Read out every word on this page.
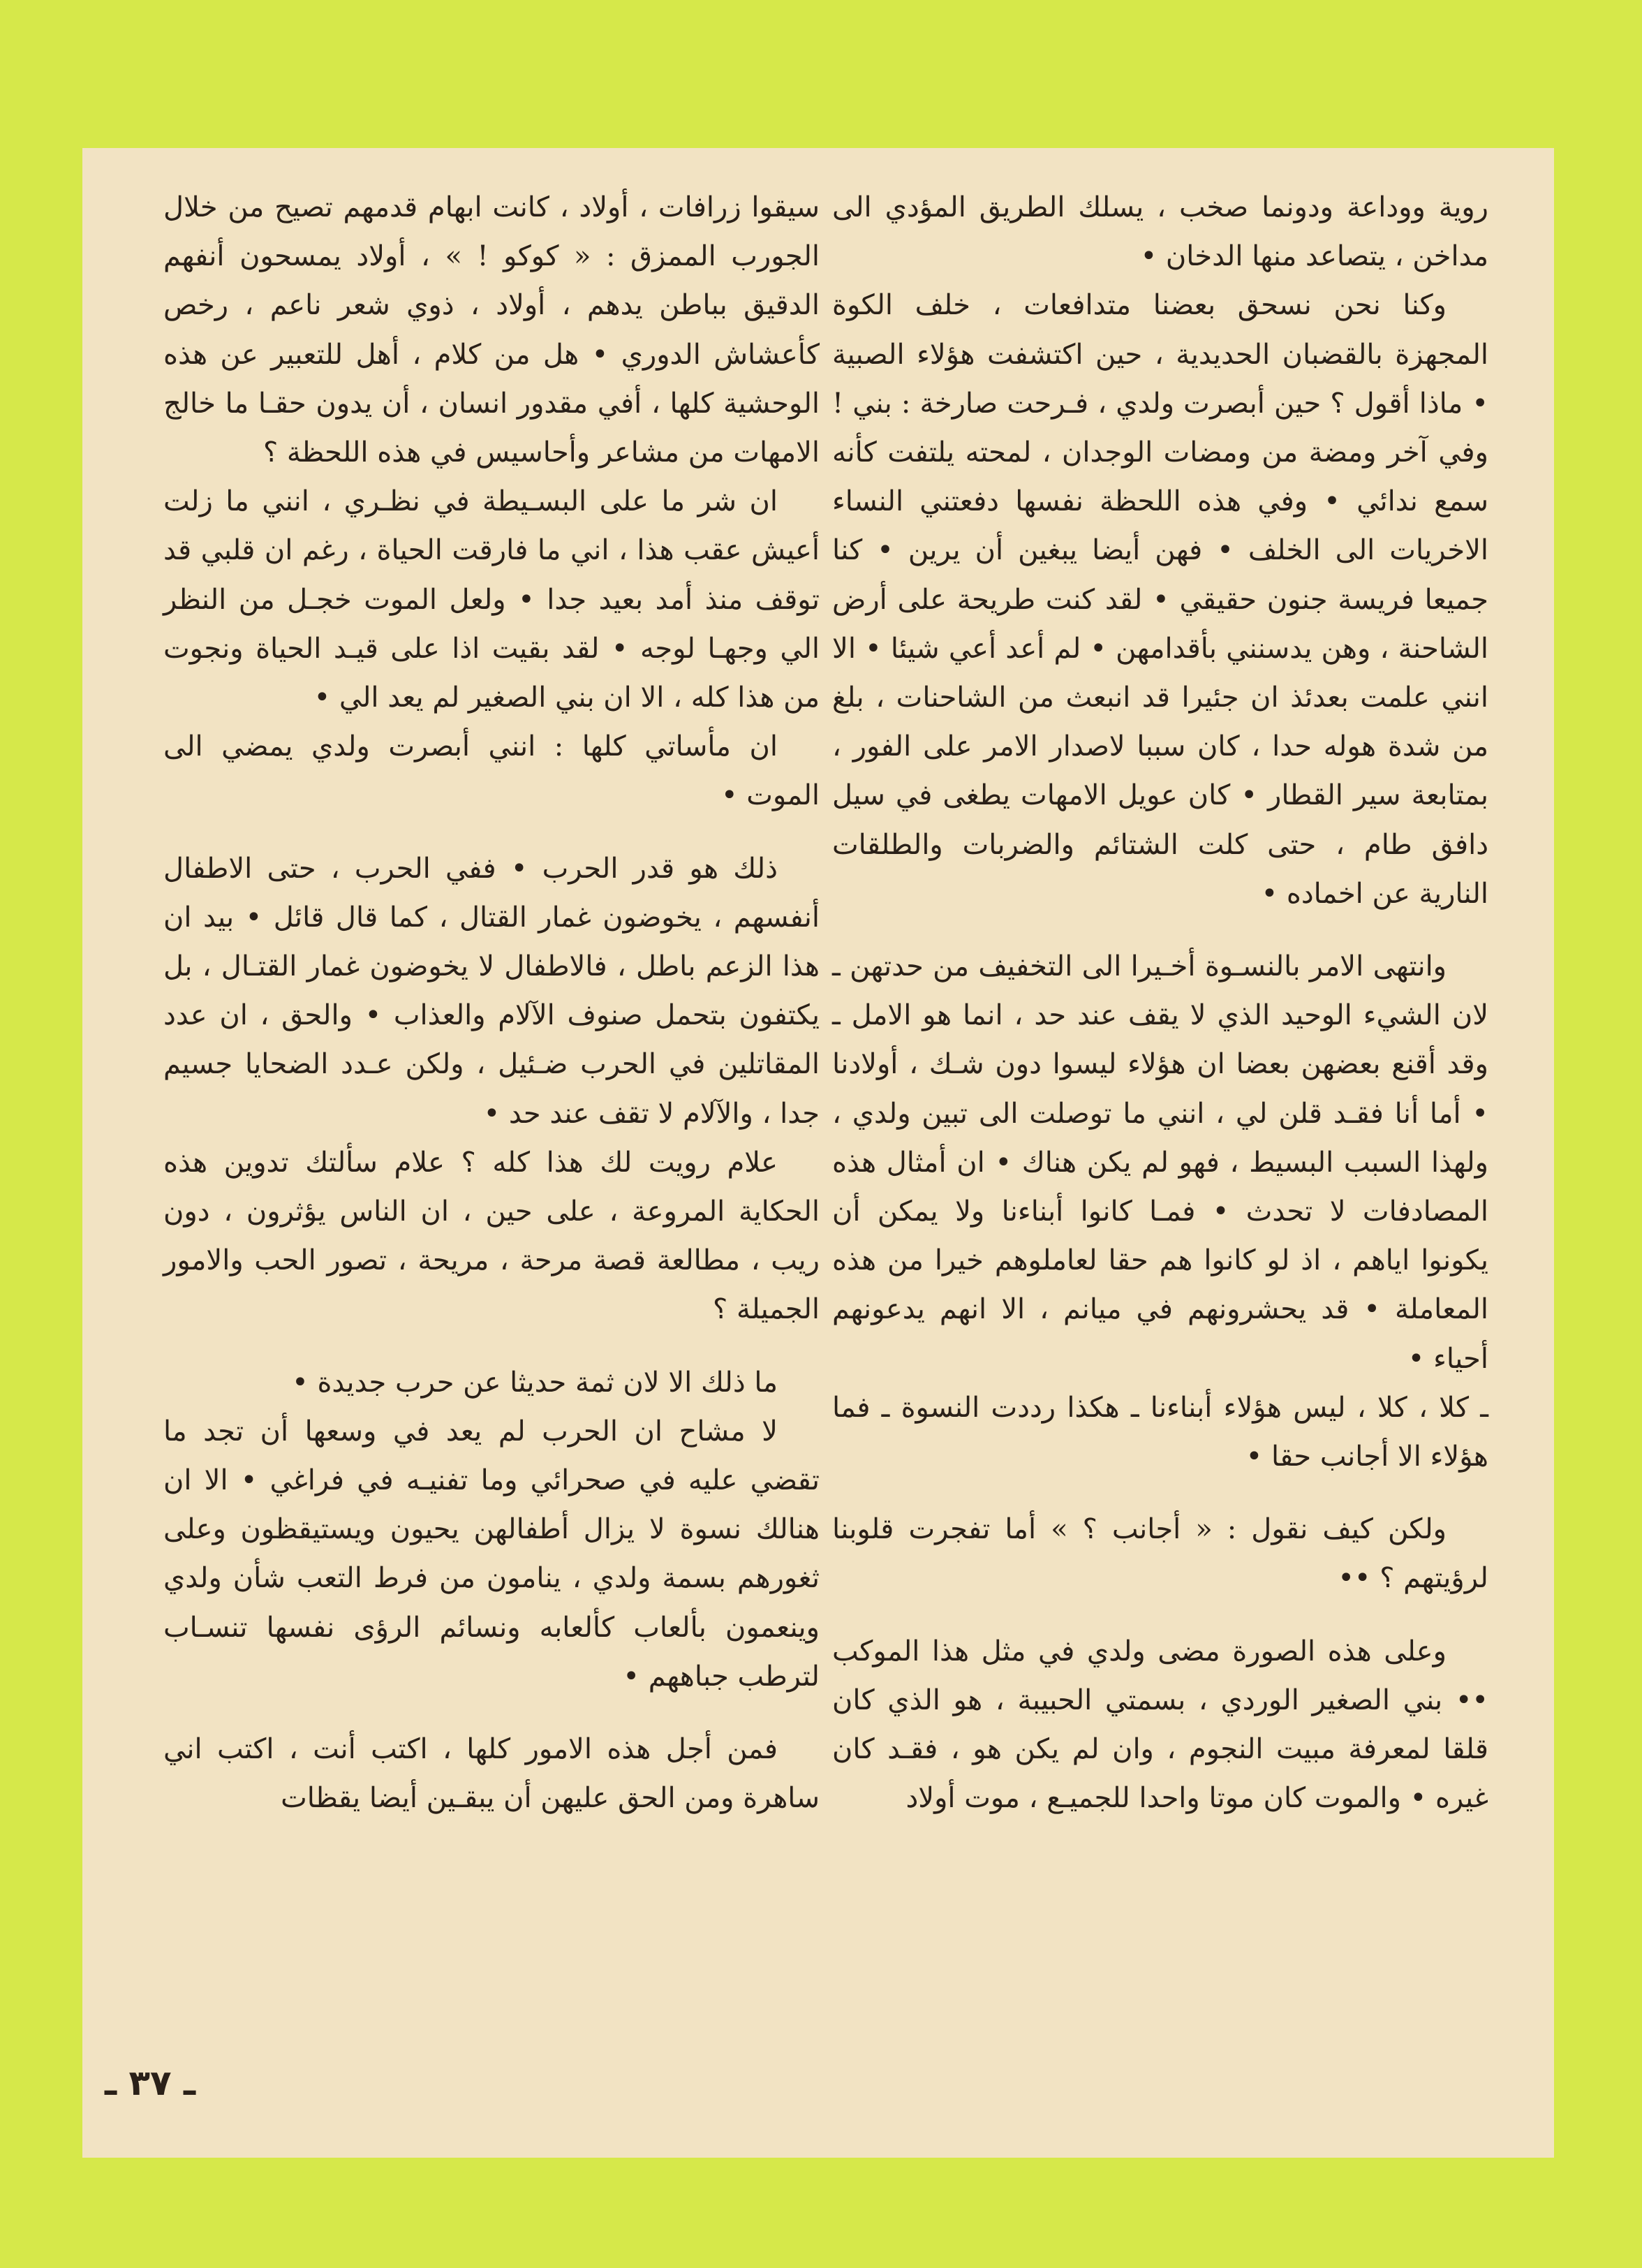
روية ووداعة ودونما صخب ، يسلك الطريق المؤدي الى مداخن ، يتصاعد منها الدخان •

وكنا نحن نسحق بعضنا متدافعات ، خلف الكوة المجهزة بالقضبان الحديدية ، حين اكتشفت هؤلاء الصبية • ماذا أقول ؟ حين أبصرت ولدي ، فـرحت صارخة : بني ! وفي آخر ومضة من ومضات الوجدان ، لمحته يلتفت كأنه سمع ندائي • وفي هذه اللحظة نفسها دفعتني النساء الاخريات الى الخلف • فهن أيضا يبغين أن يرين • كنا جميعا فريسة جنون حقيقي • لقد كنت طريحة على أرض الشاحنة ، وهن يدسنني بأقدامهن • لم أعد أعي شيئا • الا انني علمت بعدئذ ان جئيرا قد انبعث من الشاحنات ، بلغ من شدة هوله حدا ، كان سببا لاصدار الامر على الفور ، بمتابعة سير القطار • كان عويل الامهات يطغى في سيل دافق طام ، حتى كلت الشتائم والضربات والطلقات النارية عن اخماده •

وانتهى الامر بالنسـوة أخـيرا الى التخفيف من حدتهن ـ لان الشيء الوحيد الذي لا يقف عند حد ، انما هو الامل ـ وقد أقنع بعضهن بعضا ان هؤلاء ليسوا دون شـك ، أولادنا • أما أنا فقـد قلن لي ، انني ما توصلت الى تبين ولدي ، ولهذا السبب البسيط ، فهو لم يكن هناك • ان أمثال هذه المصادفات لا تحدث • فمـا كانوا أبناءنا ولا يمكن أن يكونوا اياهم ، اذ لو كانوا هم حقا لعاملوهم خيرا من هذه المعاملة • قد يحشرونهم في ميانم ، الا انهم يدعونهم أحياء •

ـ كلا ، كلا ، ليس هؤلاء أبناءنا ـ هكذا رددت النسوة ـ فما هؤلاء الا أجانب حقا •

ولكن كيف نقول : « أجانب ؟ » أما تفجرت قلوبنا لرؤيتهم ؟ ••

وعلى هذه الصورة مضى ولدي في مثل هذا الموكب •• بني الصغير الوردي ، بسمتي الحبيبة ، هو الذي كان قلقا لمعرفة مبيت النجوم ، وان لم يكن هو ، فقـد كان غيره • والموت كان موتا واحدا للجميـع ، موت أولاد

سيقوا زرافات ، أولاد ، كانت ابهام قدمهم تصيح من خلال الجورب الممزق : « كوكو ! » ، أولاد يمسحون أنفهم الدقيق بباطن يدهم ، أولاد ، ذوي شعر ناعم ، رخص كأعشاش الدوري • هل من كلام ، أهل للتعبير عن هذه الوحشية كلها ، أفي مقدور انسان ، أن يدون حقـا ما خالج الامهات من مشاعر وأحاسيس في هذه اللحظة ؟

ان شر ما على البسـيطة في نظـري ، انني ما زلت أعيش عقب هذا ، اني ما فارقت الحياة ، رغم ان قلبي قد توقف منذ أمد بعيد جدا • ولعل الموت خجـل من النظر الي وجهـا لوجه • لقد بقيت اذا على قيـد الحياة ونجوت من هذا كله ، الا ان بني الصغير لم يعد الي •

ان مأساتي كلها : انني أبصرت ولدي يمضي الى الموت •

ذلك هو قدر الحرب • ففي الحرب ، حتى الاطفال أنفسهم ، يخوضون غمار القتال ، كما قال قائل • بيد ان هذا الزعم باطل ، فالاطفال لا يخوضون غمار القتـال ، بل يكتفون بتحمل صنوف الآلام والعذاب • والحق ، ان عدد المقاتلين في الحرب ضـئيل ، ولكن عـدد الضحايا جسيم جدا ، والآلام لا تقف عند حد •

علام رويت لك هذا كله ؟ علام سألتك تدوين هذه الحكاية المروعة ، على حين ، ان الناس يؤثرون ، دون ريب ، مطالعة قصة مرحة ، مريحة ، تصور الحب والامور الجميلة ؟

ما ذلك الا لان ثمة حديثا عن حرب جديدة •

لا مشاح ان الحرب لم يعد في وسعها أن تجد ما تقضي عليه في صحرائي وما تفنيـه في فراغي • الا ان هنالك نسوة لا يزال أطفالهن يحيون ويستيقظون وعلى ثغورهم بسمة ولدي ، ينامون من فرط التعب شأن ولدي وينعمون بألعاب كألعابه ونسائم الرؤى نفسها تنسـاب لترطب جباههم •

فمن أجل هذه الامور كلها ، اكتب أنت ، اكتب اني ساهرة ومن الحق عليهن أن يبقـين أيضا يقظات

ـ ٣٧ ـ
